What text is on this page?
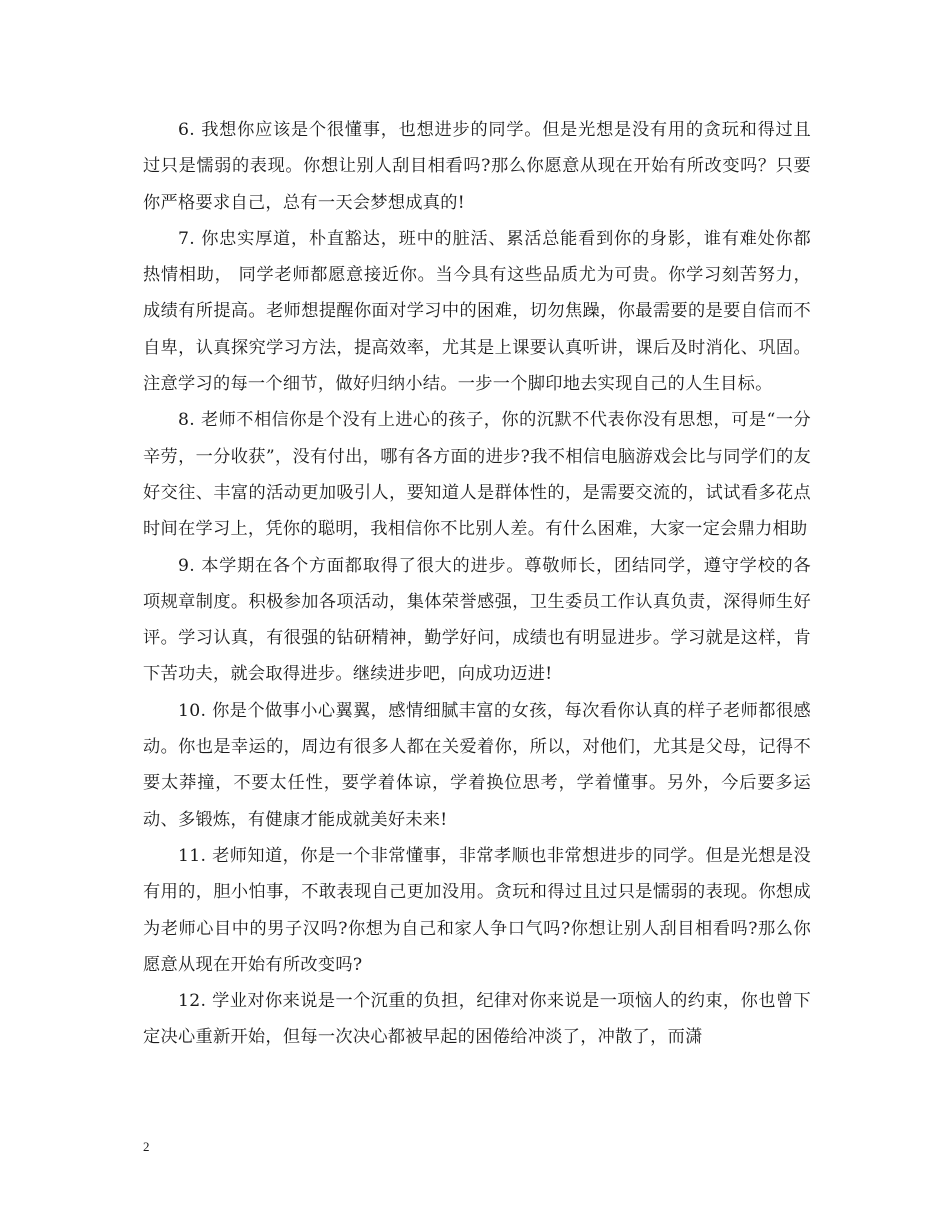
6. 我想你应该是个很懂事，也想进步的同学。但是光想是没有用的贪玩和得过且过只是懦弱的表现。你想让别人刮目相看吗?那么你愿意从现在开始有所改变吗？只要你严格要求自己，总有一天会梦想成真的!

7. 你忠实厚道，朴直豁达，班中的脏活、累活总能看到你的身影，谁有难处你都热情相助， 同学老师都愿意接近你。当今具有这些品质尤为可贵。你学习刻苦努力，成绩有所提高。老师想提醒你面对学习中的困难，切勿焦躁，你最需要的是要自信而不自卑，认真探究学习方法，提高效率，尤其是上课要认真听讲，课后及时消化、巩固。注意学习的每一个细节，做好归纳小结。一步一个脚印地去实现自己的人生目标。

8. 老师不相信你是个没有上进心的孩子，你的沉默不代表你没有思想，可是“一分辛劳，一分收获”，没有付出，哪有各方面的进步?我不相信电脑游戏会比与同学们的友好交往、丰富的活动更加吸引人，要知道人是群体性的，是需要交流的，试试看多花点时间在学习上，凭你的聪明，我相信你不比别人差。有什么困难，大家一定会鼎力相助

9. 本学期在各个方面都取得了很大的进步。尊敬师长，团结同学，遵守学校的各项规章制度。积极参加各项活动，集体荣誉感强，卫生委员工作认真负责，深得师生好评。学习认真，有很强的钻研精神，勤学好问，成绩也有明显进步。学习就是这样，肯下苦功夫，就会取得进步。继续进步吧，向成功迈进!

10. 你是个做事小心翼翼，感情细腻丰富的女孩，每次看你认真的样子老师都很感动。你也是幸运的，周边有很多人都在关爱着你，所以，对他们，尤其是父母，记得不要太莽撞，不要太任性，要学着体谅，学着换位思考，学着懂事。另外，今后要多运动、多锻炼，有健康才能成就美好未来!

11. 老师知道，你是一个非常懂事，非常孝顺也非常想进步的同学。但是光想是没有用的，胆小怕事，不敢表现自己更加没用。贪玩和得过且过只是懦弱的表现。你想成为老师心目中的男子汉吗?你想为自己和家人争口气吗?你想让别人刮目相看吗?那么你愿意从现在开始有所改变吗?

12. 学业对你来说是一个沉重的负担，纪律对你来说是一项恼人的约束，你也曾下定决心重新开始，但每一次决心都被早起的困倦给冲淡了，冲散了，而潇

2
